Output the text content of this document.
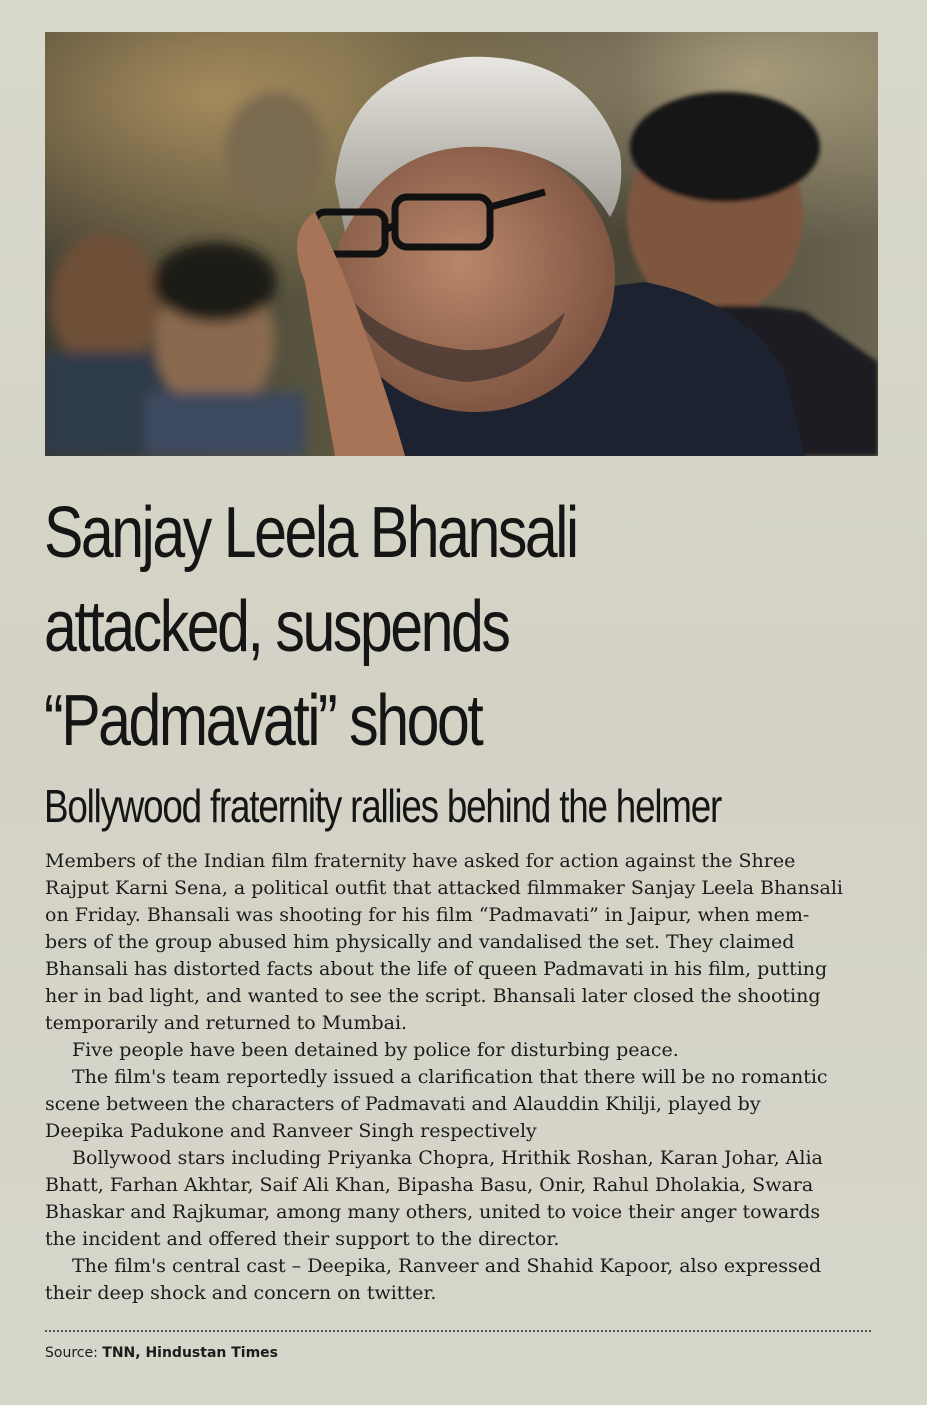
Sanjay Leela Bhansali
attacked, suspends
“Padmavati” shoot
Bollywood fraternity rallies behind the helmer
Members of the Indian film fraternity have asked for action against the Shree
Rajput Karni Sena, a political outfit that attacked filmmaker Sanjay Leela Bhansali
on Friday. Bhansali was shooting for his film “Padmavati” in Jaipur, when mem-
bers of the group abused him physically and vandalised the set. They claimed
Bhansali has distorted facts about the life of queen Padmavati in his film, putting
her in bad light, and wanted to see the script. Bhansali later closed the shooting
temporarily and returned to Mumbai.
Five people have been detained by police for disturbing peace.
The film's team reportedly issued a clarification that there will be no romantic
scene between the characters of Padmavati and Alauddin Khilji, played by
Deepika Padukone and Ranveer Singh respectively
Bollywood stars including Priyanka Chopra, Hrithik Roshan, Karan Johar, Alia
Bhatt, Farhan Akhtar, Saif Ali Khan, Bipasha Basu, Onir, Rahul Dholakia, Swara
Bhaskar and Rajkumar, among many others, united to voice their anger towards
the incident and offered their support to the director.
The film's central cast – Deepika, Ranveer and Shahid Kapoor, also expressed
their deep shock and concern on twitter.
Source: TNN, Hindustan Times
